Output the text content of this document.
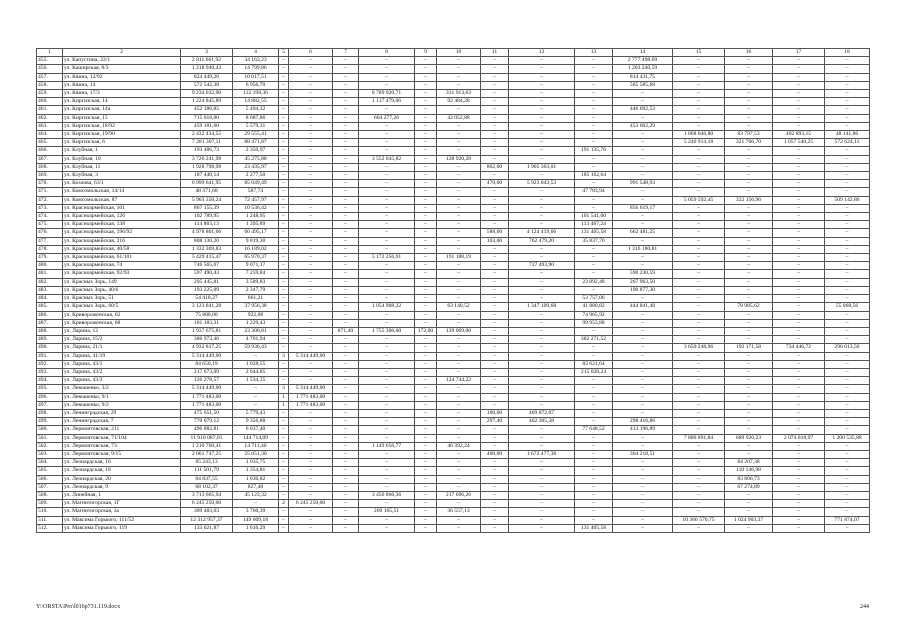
1	2	3	4	5	6	7	8	9	10	11	12	13	14	15	16	17	18
455.	ул. Капустина, 22/1	2 811 661,92	34 163,23	–	–	–	–	–	–	–	–	–	2 777 498,69	–	–	–	–
456.	ул. Каширская, 8/3	1 218 940,43	14 799,86	–	–	–	–	–	–	–	–	–	1 203 240,59	–	–	–	–
457.	ул. Квина, 12/92	824 449,26	10 017,51	–	–	–	–	–	–	–	–	–	814 431,75	–	–	–	–
458.	ул. Квина, 14	572 542,38	6 956,70	–	–	–	–	–	–	–	–	–	565 585,68	–	–	–	–
459.	ул. Квина, 17/3	9 234 032,90	112 198,36	–	–	–	8 789 920,71	–	331 913,63	–	–	–	–	–	–	–	–
460.	ул. Киргизская, 14	1 224 845,89	14 882,55	–	–	–	1 117 479,06	–	92 484,28	–	–	–	–	–	–	–	–
461.	ул. Киргизская, 14а	452 186,85	5 494,32	–	–	–	–	–	–	–	–	–	446 692,53	–	–	–	–
462.	ул. Киргизская, 15	715 018,00	8 687,86	–	–	–	664 277,26	–	42 052,88	–	–	–	–	–	–	–	–
463.	ул. Киргизская, 18/92	459 181,60	5 579,31	–	–	–	–	–	–	–	–	–	453 602,29	–	–	–	–
464.	ул. Киргизская, 19/90	2 432 434,55	29 555,41	–	–	–	–	–	–	–	–	–	–	1 868 046,80	83 797,53	402 893,15	48 141,86
465.	ул. Киргизская, 6	7 281 307,11	88 471,87	–	–	–	–	–	–	–	–	–	–	5 240 914,18	321 766,70	1 057 540,25	572 624,11
466.	ул. Клубная, 1	193 486,73	2 350,97	–	–	–	–	–	–	–	–	191 135,76	–	–	–	–	–
467.	ул. Клубная, 10	3 726 241,98	45 275,88	–	–	–	3 552 045,82	–	128 920,28	–	–	–	–	–	–	–	–
468.	ул. Клубная, 11	1 928 798,98	23 435,97	–	–	–	–	–	–	862,00	1 905 363,01	–	–	–	–	–	–
469.	ул. Клубная, 3	187 440,14	2 277,50	–	–	–	–	–	–	–	–	185 162,64	–	–	–	–	–
470.	ул. Козлова, 63/1	6 999 641,95	85 049,49	–	–	–	–	–	–	470,00	5 923 043,53	–	991 548,93	–	–	–	–
471.	ул. Комсомольская, 14/14	48 371,68	587,74	–	–	–	–	–	–	–	–	47 783,94	–	–	–	–	–
472.	ул. Комсомольская, 87	5 963 350,24	72 457,97	–	–	–	–	–	–	–	–	–	–	5 059 592,45	322 156,96	–	509 142,86
473.	ул. Красноармейская, 101	867 155,39	10 536,42	–	–	–	–	–	–	–	–	–	856 619,17	–	–	–	–
474.	ул. Красноармейская, 126	102 789,95	1 248,95	–	–	–	–	–	–	–	–	101 541,00	–	–	–	–	–
475.	ул. Красноармейская, 138	114 883,13	1 395,89	–	–	–	–	–	–	–	–	113 487,24	–	–	–	–	–
476.	ул. Красноармейская, 196/92	4 978 801,66	60 495,17	–	–	–	–	–	–	588,00	4 124 419,66	131 405,58	662 481,25	–	–	–	–
477.	ул. Красноармейская, 216	808 136,20	9 819,30	–	–	–	–	–	–	103,00	762 479,20	35 837,70	–	–	–	–	–
478.	ул. Красноармейская, 40/58	1 332 369,83	16 189,02	–	–	–	–	–	–	–	–	–	1 316 180,81	–	–	–	–
479.	ул. Красноармейская, 61/101	5 429 415,47	65 970,37	–	–	–	5 172 256,91	–	191 188,19	–	–	–	–	–	–	–	–
480.	ул. Красноармейская, 74	746 565,07	9 071,17	–	–	–	–	–	–	–	737 493,90	–	–	–	–	–	–
481.	ул. Красноармейская, 92/93	597 490,43	7 259,84	–	–	–	–	–	–	–	–	–	590 230,59	–	–	–	–
482.	ул. Красных Зорь, 149	295 445,81	3 589,83	–	–	–	–	–	–	–	–	23 892,48	267 963,50	–	–	–	–
483.	ул. Красных Зорь, 40/6	193 225,09	2 347,79	–	–	–	–	–	–	–	–	–	190 877,30	–	–	–	–
484.	ул. Красных Зорь, 51	54 418,27	661,21	–	–	–	–	–	–	–	–	53 757,06	–	–	–	–	–
485.	ул. Красных Зорь, 60/5	3 123 841,28	37 956,38	–	–	–	1 054 908,22	–	63 140,52	–	1 347 109,68	41 880,82	444 841,48	–	78 985,62	–	55 068,56
486.	ул. Кривороженская, 62	75 888,00	922,08	–	–	–	–	–	–	–	–	74 965,92	–	–	–	–	–
487.	ул. Кривороженская, 68	101 183,31	1 229,43	–	–	–	–	–	–	–	–	99 953,88	–	–	–	–	–
488.	ул. Ларина, 12	1 937 675,81	23 300,81	–	–	871,40	1 755 306,00	172,00	139 069,00	–	–	–	–	–	–	–	–
489.	ул. Ларина, 15/2	386 973,46	4 701,94	–	–	–	–	–	–	–	–	382 271,52	–	–	–	–	–
490.	ул. Ларина, 21/1	4 932 817,25	59 936,43	–	–	–	–	–	–	–	–	–	–	3 650 248,96	192 171,58	734 446,72	296 013,56
491.	ул. Ларина, 41/19	5 314 449,00	–	3	5 314 449,00	–	–	–	–	–	–	–	–	–	–	–	–
492.	ул. Ларина, 43/1	84 650,19	1 028,55	–	–	–	–	–	–	–	–	83 621,64	–	–	–	–	–
493.	ул. Ларина, 43/2	217 673,09	2 644,85	–	–	–	–	–	–	–	–	215 028,24	–	–	–	–	–
494.	ул. Ларина, 43/3	126 278,57	1 534,35	–	–	–	–	–	124 744,22	–	–	–	–	–	–	–	–
495.	ул. Левошенко, 3/2	5 314 449,00	–	3	5 314 449,00	–	–	–	–	–	–	–	–	–	–	–	–
496.	ул. Левошенко, 9/1	1 771 483,00	–	1	1 771 483,00	–	–	–	–	–	–	–	–	–	–	–	–
497.	ул. Левошенко, 9/2	1 771 483,00	–	1	1 771 483,00	–	–	–	–	–	–	–	–	–	–	–	–
498.	ул. Ленинградская, 29	475 651,50	5 779,43	–	–	–	–	–	–	100,00	469 872,07	–	–	–	–	–	–
499.	ул. Ленинградская, 7	770 079,12	9 356,88	–	–	–	–	–	–	297,40	462 305,38	–	298 416,86	–	–	–	–
500.	ул. Лермонтовская, 211	496 882,81	6 037,40	–	–	–	–	–	–	–	–	77 648,52	413 196,89	–	–	–	–
501.	ул. Лермонтовская, 71/104	11 910 087,01	144 714,09	–	–	–	–	–	–	–	–	–	–	7 800 891,84	689 926,23	2 074 018,97	1 200 535,88
502.	ул. Лермонтовская, 73	1 210 760,41	14 711,40	–	–	–	1 149 656,77	–	46 392,24	–	–	–	–	–	–	–	–
503.	ул. Лермонтовская, 9/15	2 061 747,25	25 051,30	–	–	–	–	–	–	400,00	1 672 477,38	–	364 218,51	–	–	–	–
504.	ул. Леонардская, 16	85 243,13	1 035,75	–	–	–	–	–	–	–	–	–	–	–	84 207,38	–	–
505.	ул. Леонардская, 18	111 501,79	1 354,81	–	–	–	–	–	–	–	–	–	–	–	110 146,98	–	–
506.	ул. Леонардская, 20	84 837,55	1 030,82	–	–	–	–	–	–	–	–	–	–	–	83 806,73	–	–
507.	ул. Леонардская, 9	68 102,37	827,48	–	–	–	–	–	–	–	–	–	–	–	67 274,89	–	–
508.	ул. Линейная, 1	3 713 665,94	45 123,32	–	–	–	3 450 866,36	–	217 696,26	–	–	–	–	–	–	–	–
509.	ул. Магнитогорская, 1Г	6 245 250,00	–	2	6 245 250,00	–	–	–	–	–	–	–	–	–	–	–	–
510.	ул. Магнитогорская, 3а	309 483,03	3 760,39	–	–	–	269 165,51	–	36 557,13	–	–	–	–	–	–	–	–
511.	ул. Максима Горького, 111/52	12 312 957,37	149 609,18	–	–	–	–	–	–	–	–	–	–	10 366 570,75	1 024 903,37	–	771 874,07
512.	ул. Максима Горького, 119	133 021,87	1 616,29	–	–	–	–	–	–	–	–	131 405,58	–	–	–	–	–
Y:\ORSTA\Pro\l016p731.119.docx	244
